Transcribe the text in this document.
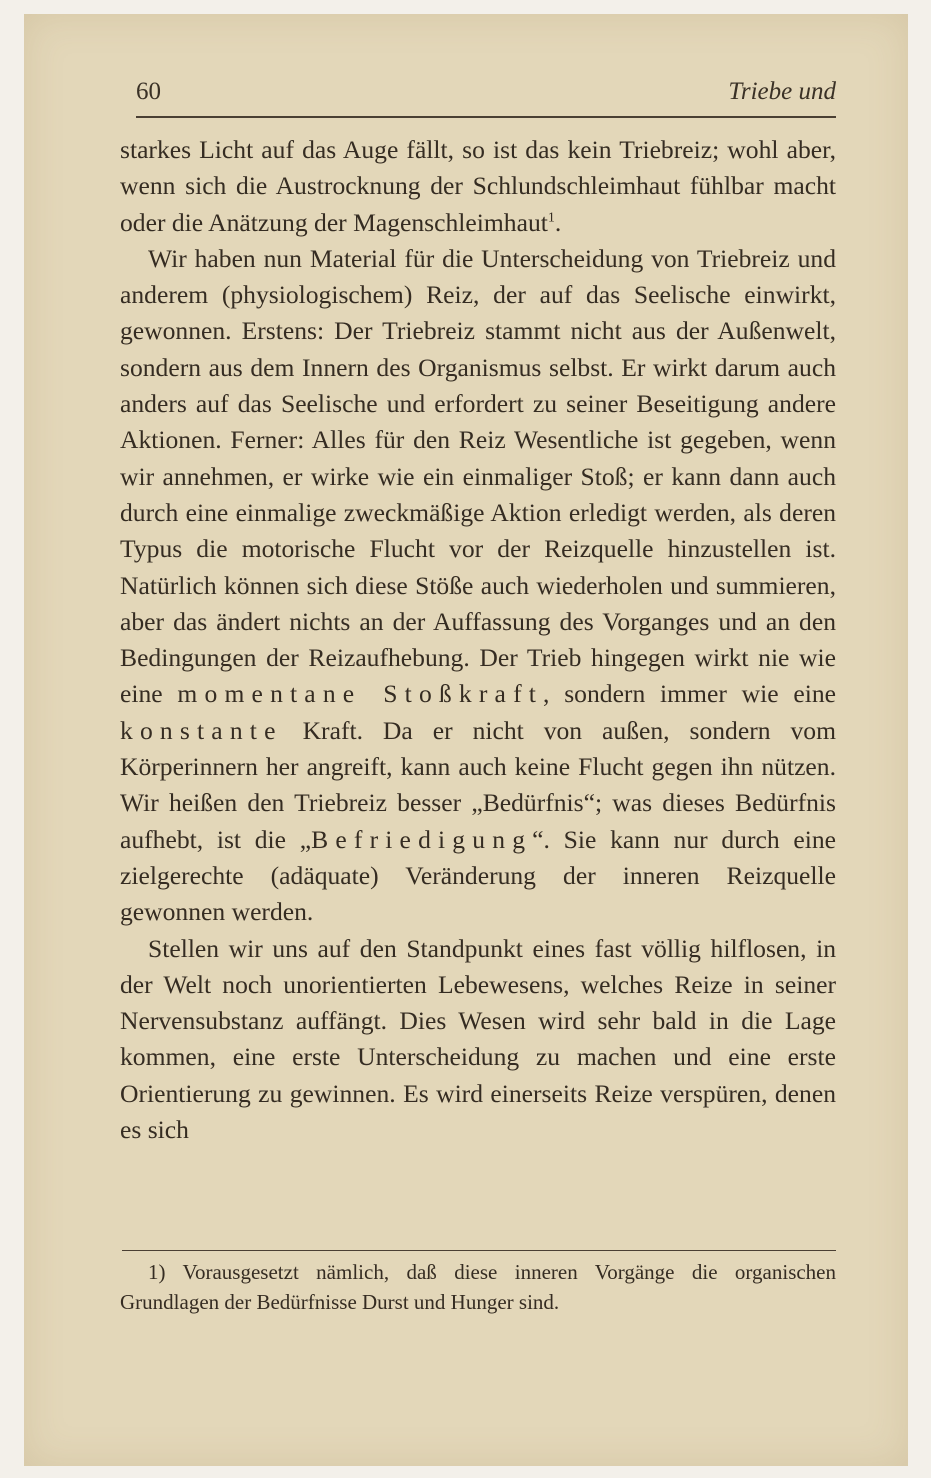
60	Triebe und

starkes Licht auf das Auge fällt, so ist das kein Triebreiz; wohl aber, wenn sich die Austrocknung der Schlundschleimhaut fühlbar macht oder die Anätzung der Magenschleimhaut$^1$.

Wir haben nun Material für die Unterscheidung von Triebreiz und anderem (physiologischem) Reiz, der auf das Seelische einwirkt, gewonnen. Erstens: Der Triebreiz stammt nicht aus der Außenwelt, sondern aus dem Innern des Organismus selbst. Er wirkt darum auch anders auf das Seelische und erfordert zu seiner Beseitigung andere Aktionen. Ferner: Alles für den Reiz Wesentliche ist gegeben, wenn wir annehmen, er wirke wie ein einmaliger Stoß; er kann dann auch durch eine einmalige zweckmäßige Aktion erledigt werden, als deren Typus die motorische Flucht vor der Reizquelle hinzustellen ist. Natürlich können sich diese Stöße auch wiederholen und summieren, aber das ändert nichts an der Auffassung des Vorganges und an den Bedingungen der Reizaufhebung. Der Trieb hingegen wirkt nie wie eine momentane Stoßkraft, sondern immer wie eine konstante Kraft. Da er nicht von außen, sondern vom Körperinnern her angreift, kann auch keine Flucht gegen ihn nützen. Wir heißen den Triebreiz besser „Bedürfnis“; was dieses Bedürfnis aufhebt, ist die „Befriedigung“. Sie kann nur durch eine zielgerechte (adäquate) Veränderung der inneren Reizquelle gewonnen werden.

Stellen wir uns auf den Standpunkt eines fast völlig hilflosen, in der Welt noch unorientierten Lebewesens, welches Reize in seiner Nervensubstanz auffängt. Dies Wesen wird sehr bald in die Lage kommen, eine erste Unterscheidung zu machen und eine erste Orientierung zu gewinnen. Es wird einerseits Reize verspüren, denen es sich

1) Vorausgesetzt nämlich, daß diese inneren Vorgänge die organischen Grundlagen der Bedürfnisse Durst und Hunger sind.
